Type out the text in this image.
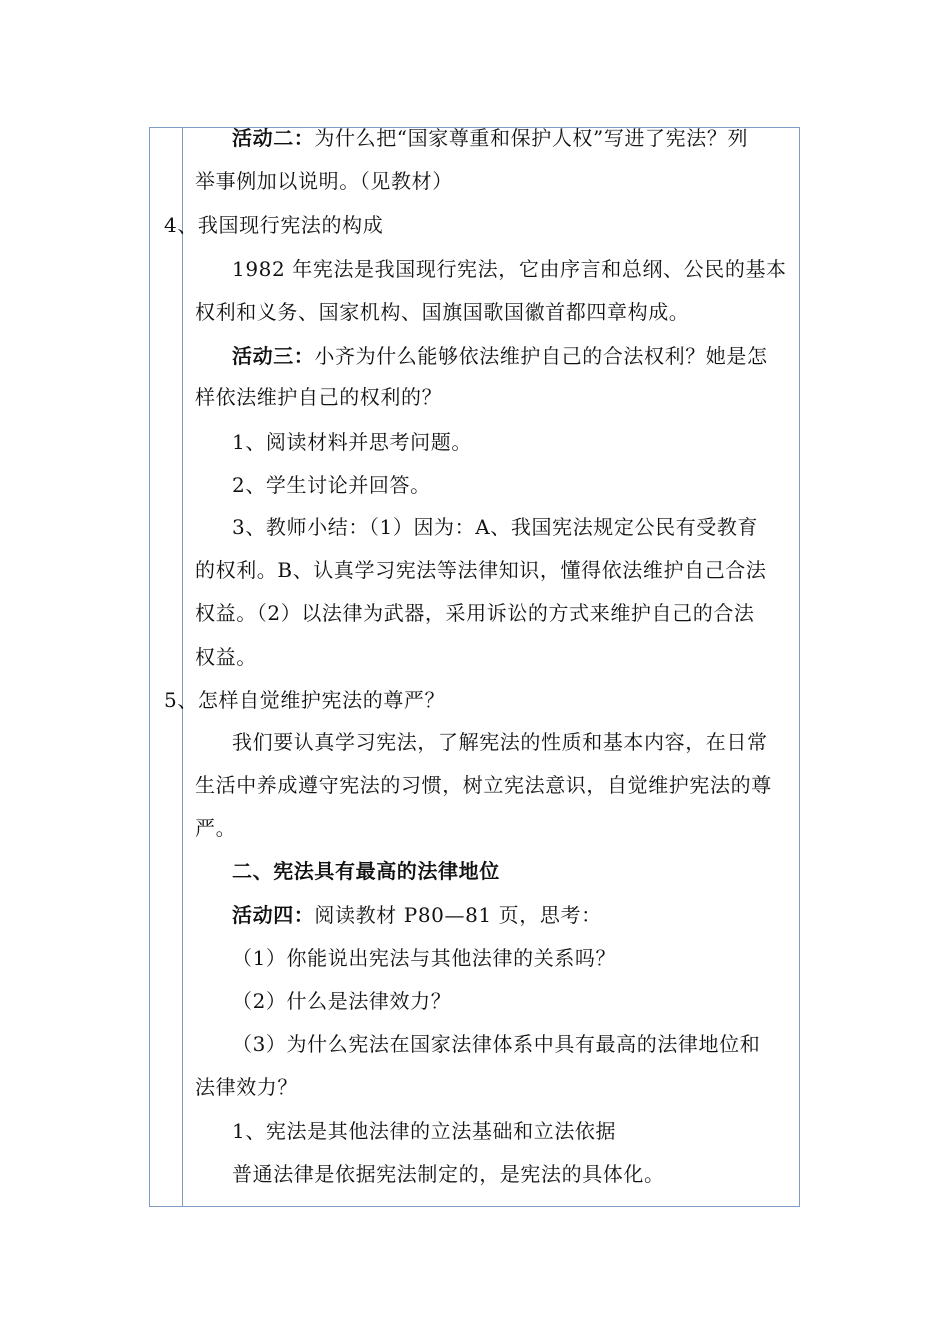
活动二：为什么把“国家尊重和保护人权”写进了宪法？列
举事例加以说明。（见教材）
4、我国现行宪法的构成
1982 年宪法是我国现行宪法，它由序言和总纲、公民的基本
权利和义务、国家机构、国旗国歌国徽首都四章构成。
活动三：小齐为什么能够依法维护自己的合法权利？她是怎
样依法维护自己的权利的？
1、阅读材料并思考问题。
2、学生讨论并回答。
3、教师小结：（1）因为：A、我国宪法规定公民有受教育
的权利。B、认真学习宪法等法律知识，懂得依法维护自己合法
权益。（2）以法律为武器，采用诉讼的方式来维护自己的合法
权益。
5、怎样自觉维护宪法的尊严？
我们要认真学习宪法，了解宪法的性质和基本内容，在日常
生活中养成遵守宪法的习惯，树立宪法意识，自觉维护宪法的尊
严。
二、宪法具有最高的法律地位
活动四：阅读教材 P80—81 页，思考：
（1）你能说出宪法与其他法律的关系吗？
（2）什么是法律效力？
（3）为什么宪法在国家法律体系中具有最高的法律地位和
法律效力？
1、宪法是其他法律的立法基础和立法依据
普通法律是依据宪法制定的，是宪法的具体化。
